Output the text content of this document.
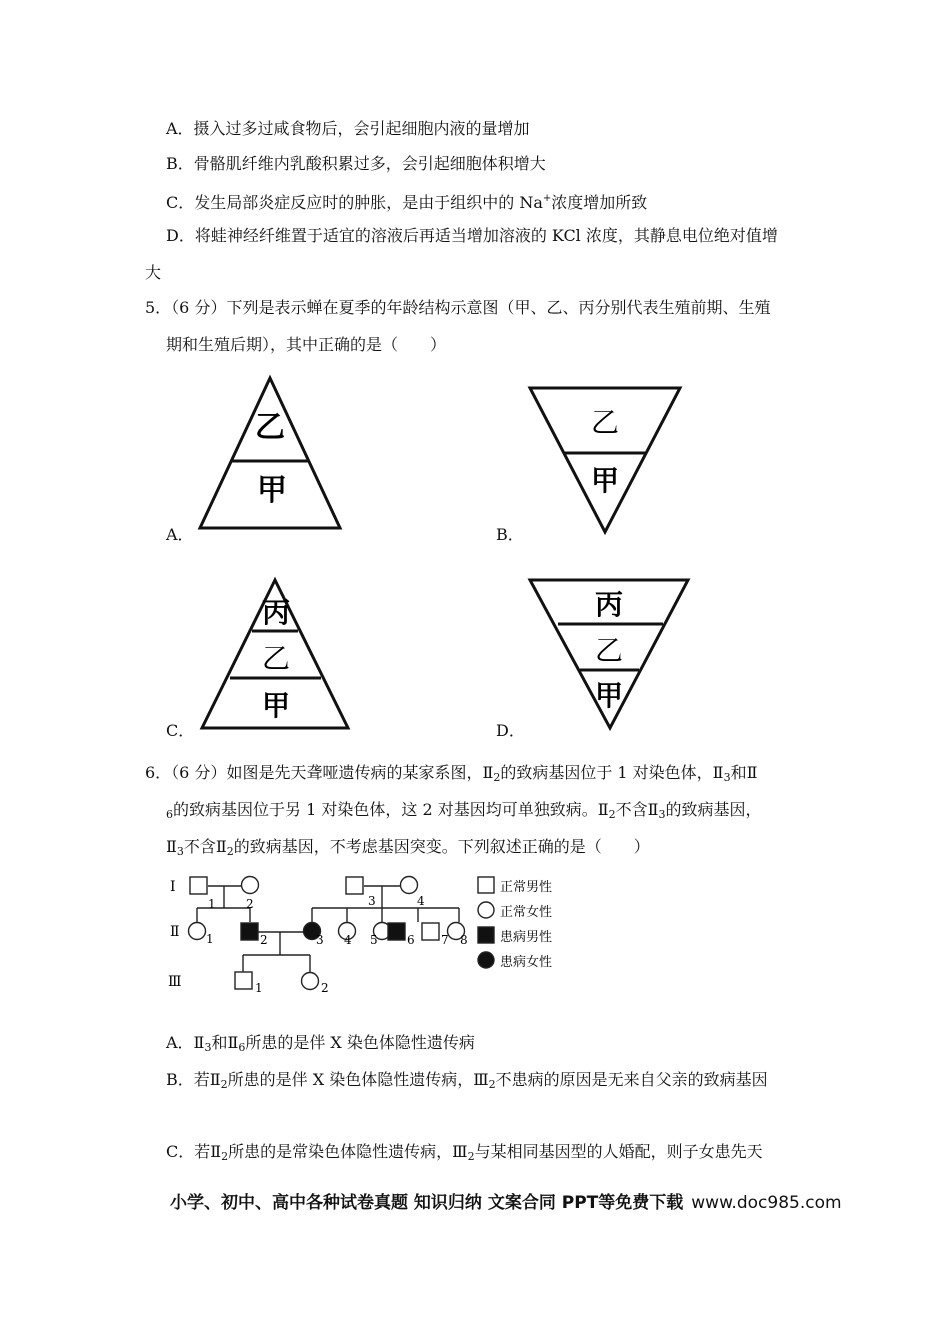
A．摄入过多过咸食物后，会引起细胞内液的量增加
B．骨骼肌纤维内乳酸积累过多，会引起细胞体积增大
C．发生局部炎症反应时的肿胀，是由于组织中的 Na+浓度增加所致
D．将蛙神经纤维置于适宜的溶液后再适当增加溶液的 KCl 浓度，其静息电位绝对值增
大
5．（6 分）下列是表示蝉在夏季的年龄结构示意图（甲、乙、丙分别代表生殖前期、生殖
期和生殖后期），其中正确的是（　　）
乙
甲
乙
甲
丙
乙
甲
丙
乙
甲
A．	B．
C．	D．
6．（6 分）如图是先天聋哑遗传病的某家系图，$Ⅱ_2$的致病基因位于 1 对染色体，$Ⅱ_3$和Ⅱ
$_6$的致病基因位于另 1 对染色体，这 2 对基因均可单独致病。$Ⅱ_2$不含$Ⅱ_3$的致病基因，
$Ⅱ_3$不含$Ⅱ_2$的致病基因，不考虑基因突变。下列叙述正确的是（　　）
Ⅰ
Ⅱ
Ⅲ
1	2	3	4
1	2	3 4 5 6 7 8
1	2
正常男性
正常女性
患病男性
患病女性
A．$Ⅱ_3$和$Ⅱ_6$所患的是伴 X 染色体隐性遗传病
B．若$Ⅱ_2$所患的是伴 X 染色体隐性遗传病，$Ⅲ_2$不患病的原因是无来自父亲的致病基因
C．若$Ⅱ_2$所患的是常染色体隐性遗传病，$Ⅲ_2$与某相同基因型的人婚配，则子女患先天
小学、初中、高中各种试卷真题 知识归纳 文案合同 PPT等免费下载 www.doc985.com
